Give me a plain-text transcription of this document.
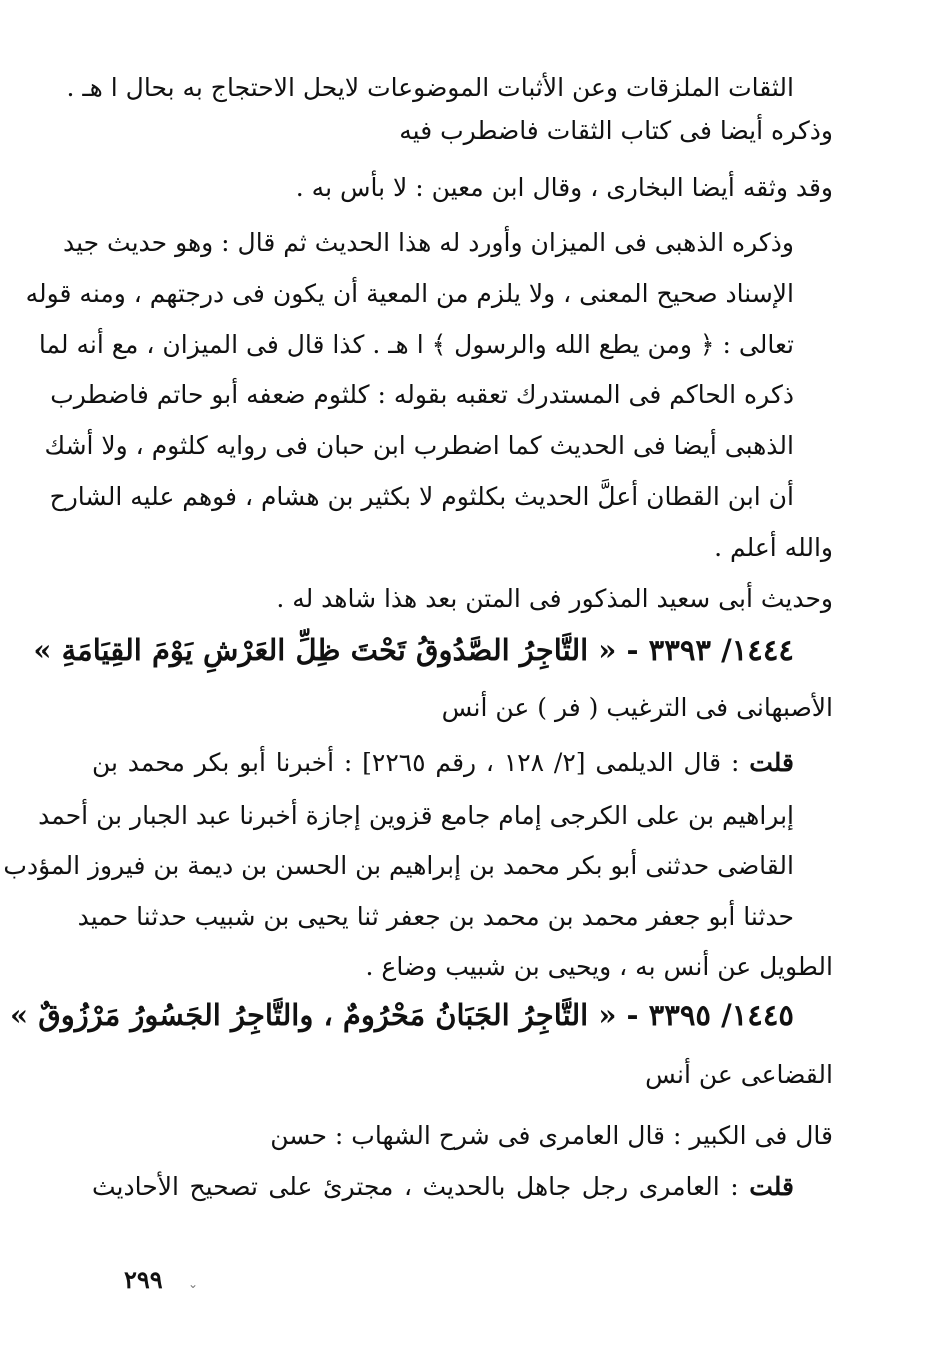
الثقات الملزقات وعن الأثبات الموضوعات لايحل الاحتجاج به بحال ا هـ .
وذكره أيضا فى كتاب الثقات فاضطرب فيه
وقد وثقه أيضا البخارى ، وقال ابن معين : لا بأس به .
وذكره الذهبى فى الميزان وأورد له هذا الحديث ثم قال : وهو حديث جيد
الإسناد صحيح المعنى ، ولا يلزم من المعية أن يكون فى درجتهم ، ومنه قوله
تعالى : ﴿ ومن يطع الله والرسول ﴾ ا هـ . كذا قال فى الميزان ، مع أنه لما
ذكره الحاكم فى المستدرك تعقبه بقوله : كلثوم ضعفه أبو حاتم فاضطرب
الذهبى أيضا فى الحديث كما اضطرب ابن حبان فى روايه كلثوم ، ولا أشك
أن ابن القطان أعلَّ الحديث بكلثوم لا بكثير بن هشام ، فوهم عليه الشارح
والله أعلم .
وحديث أبى سعيد المذكور فى المتن بعد هذا شاهد له .
١٤٤٤/ ٣٣٩٣ - « التَّاجِرُ الصَّدُوقُ تَحْتَ ظِلِّ العَرْشِ يَوْمَ القِيَامَةِ »
الأصبهانى فى الترغيب ( فر ) عن أنس
قلت : قال الديلمى [٢/ ١٢٨ ، رقم ٢٢٦٥] : أخبرنا أبو بكر محمد بن
إبراهيم بن على الكرجى إمام جامع قزوين إجازة أخبرنا عبد الجبار بن أحمد
القاضى حدثنى أبو بكر محمد بن إبراهيم بن الحسن بن ديمة بن فيروز المؤدب
حدثنا أبو جعفر محمد بن محمد بن جعفر ثنا يحيى بن شبيب حدثنا حميد
الطويل عن أنس به ، ويحيى بن شبيب وضاع .
١٤٤٥/ ٣٣٩٥ - « التَّاجِرُ الجَبَانُ مَحْرُومٌ ، والتَّاجِرُ الجَسُورُ مَرْزُوقٌ »
القضاعى عن أنس
قال فى الكبير : قال العامرى فى شرح الشهاب : حسن
قلت : العامرى رجل جاهل بالحديث ، مجترئ على تصحيح الأحاديث
٢٩٩ ⌄
